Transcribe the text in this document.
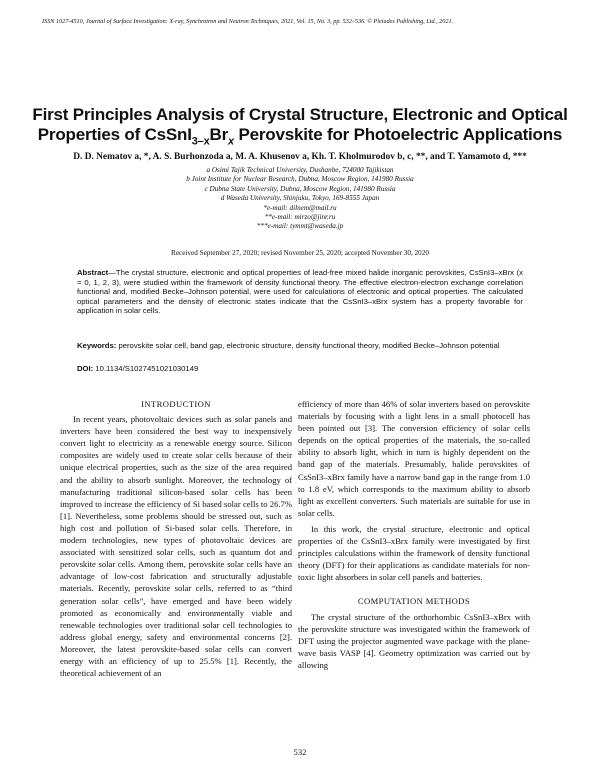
ISSN 1027-4510, Journal of Surface Investigation: X-ray, Synchrotron and Neutron Techniques, 2021, Vol. 15, No. 3, pp. 532–536. © Pleiades Publishing, Ltd., 2021.
First Principles Analysis of Crystal Structure, Electronic and Optical
Properties of $CsSnI_{3-x}Br_x$ Perovskite for Photoelectric Applications
D. D. Nematov a, *, A. S. Burhonzoda a, M. A. Khusenov a, Kh. T. Kholmurodov b, c, **, and T. Yamamoto d, ***
a Osimi Tajik Technical University, Dushanbe, 724000 Tajikistan
b Joint Institute for Nuclear Research, Dubna, Moscow Region, 141980 Russia
c Dubna State University, Dubna, Moscow Region, 141980 Russia
d Waseda University, Shinjuku, Tokyo, 169-8555 Japan
*e-mail: dilnem@mail.ru
**e-mail: mirzo@jinr.ru
***e-mail: tymmt@waseda.jp
Received September 27, 2020; revised November 25, 2020; accepted November 30, 2020
Abstract—The crystal structure, electronic and optical properties of lead-free mixed halide inorganic perovskites, CsSnI3–xBrx (x = 0, 1, 2, 3), were studied within the framework of density functional theory. The effective electron-electron exchange correlation functional and, modified Becke–Johnson potential, were used for calculations of electronic and optical properties. The calculated optical parameters and the density of electronic states indicate that the CsSnI3–xBrx system has a property favorable for application in solar cells.
Keywords: perovskite solar cell, band gap, electronic structure, density functional theory, modified Becke–Johnson potential
DOI: 10.1134/S1027451021030149
INTRODUCTION

In recent years, photovoltaic devices such as solar panels and inverters have been considered the best way to inexpensively convert light to electricity as a renewable energy source. Silicon composites are widely used to create solar cells because of their unique electrical properties, such as the size of the area required and the ability to absorb sunlight. Moreover, the technology of manufacturing traditional silicon-based solar cells has been improved to increase the efficiency of Si based solar cells to 26.7% [1]. Nevertheless, some problems should be stressed out, such as high cost and pollution of Si-based solar cells. Therefore, in modern technologies, new types of photovoltaic devices are associated with sensitized solar cells, such as quantum dot and perovskite solar cells. Among them, perovskite solar cells have an advantage of low-cost fabrication and structurally adjustable materials. Recently, perovskite solar cells, referred to as “third generation solar cells”, have emerged and have been widely promoted as economically and environmentally viable and renewable technologies over traditional solar cell technologies to address global energy, safety and environmental concerns [2]. Moreover, the latest perovskite-based solar cells can convert energy with an efficiency of up to 25.5% [1]. Recently, the theoretical achievement of an

efficiency of more than 46% of solar inverters based on perovskite materials by focusing with a light lens in a small photocell has been pointed out [3]. The conversion efficiency of solar cells depends on the optical properties of the materials, the so-called ability to absorb light, which in turn is highly dependent on the band gap of the materials. Presumably, halide perovskites of CsSnI3–xBrx family have a narrow band gap in the range from 1.0 to 1.8 eV, which corresponds to the maximum ability to absorb light as excellent converters. Such materials are suitable for use in solar cells.

In this work, the crystal structure, electronic and optical properties of the CsSnI3–xBrx family were investigated by first principles calculations within the framework of density functional theory (DFT) for their applications as candidate materials for non-toxic light absorbers in solar cell panels and batteries.

COMPUTATION METHODS

The crystal structure of the orthorhombic CsSnI3–xBrx with the perovskite structure was investigated within the framework of DFT using the projector augmented wave package with the plane-wave basis VASP [4]. Geometry optimization was carried out by allowing

532
